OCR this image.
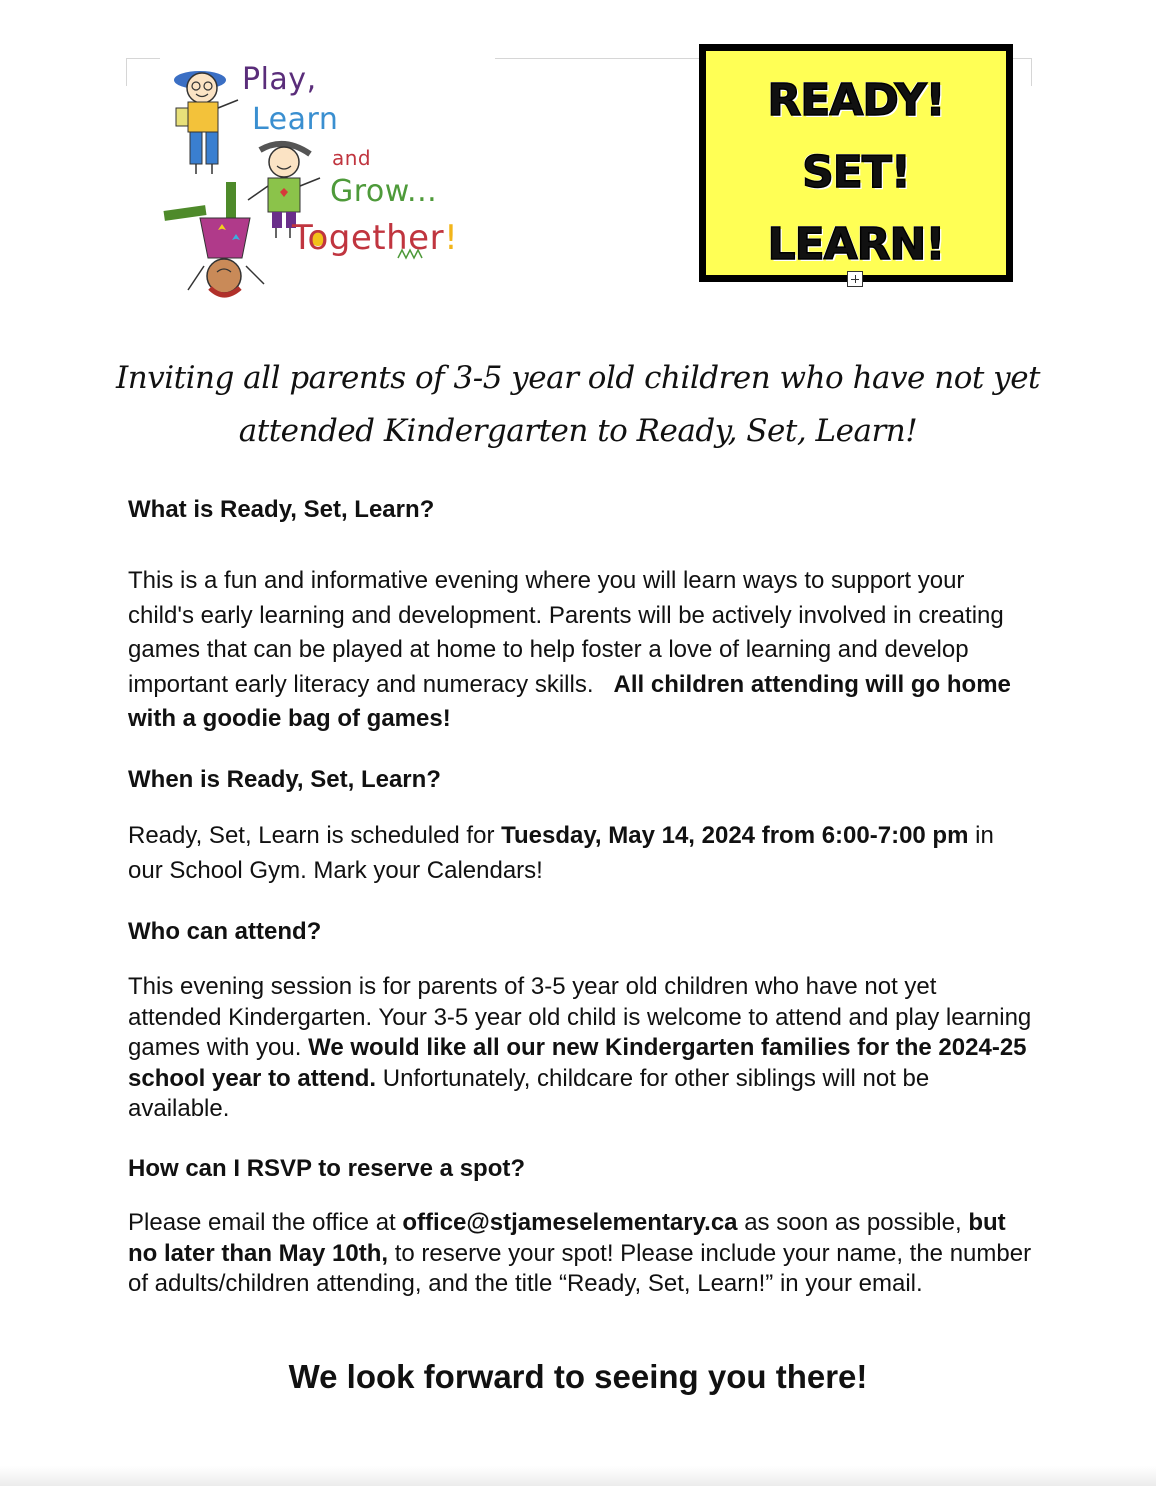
Play,
Learn
and
Grow...
Together!
READY!
SET!
LEARN!
Inviting all parents of 3-5 year old children who have not yet
attended Kindergarten to Ready, Set, Learn!
What is Ready, Set, Learn?
This is a fun and informative evening where you will learn ways to support your child's early learning and development. Parents will be actively involved in creating games that can be played at home to help foster a love of learning and develop important early literacy and numeracy skills. All children attending will go home with a goodie bag of games!
When is Ready, Set, Learn?
Ready, Set, Learn is scheduled for Tuesday, May 14, 2024 from 6:00-7:00 pm in our School Gym. Mark your Calendars!
Who can attend?
This evening session is for parents of 3-5 year old children who have not yet attended Kindergarten. Your 3-5 year old child is welcome to attend and play learning games with you. We would like all our new Kindergarten families for the 2024-25 school year to attend. Unfortunately, childcare for other siblings will not be available.
How can I RSVP to reserve a spot?
Please email the office at office@stjameselementary.ca as soon as possible, but no later than May 10th, to reserve your spot! Please include your name, the number of adults/children attending, and the title “Ready, Set, Learn!” in your email.
We look forward to seeing you there!
